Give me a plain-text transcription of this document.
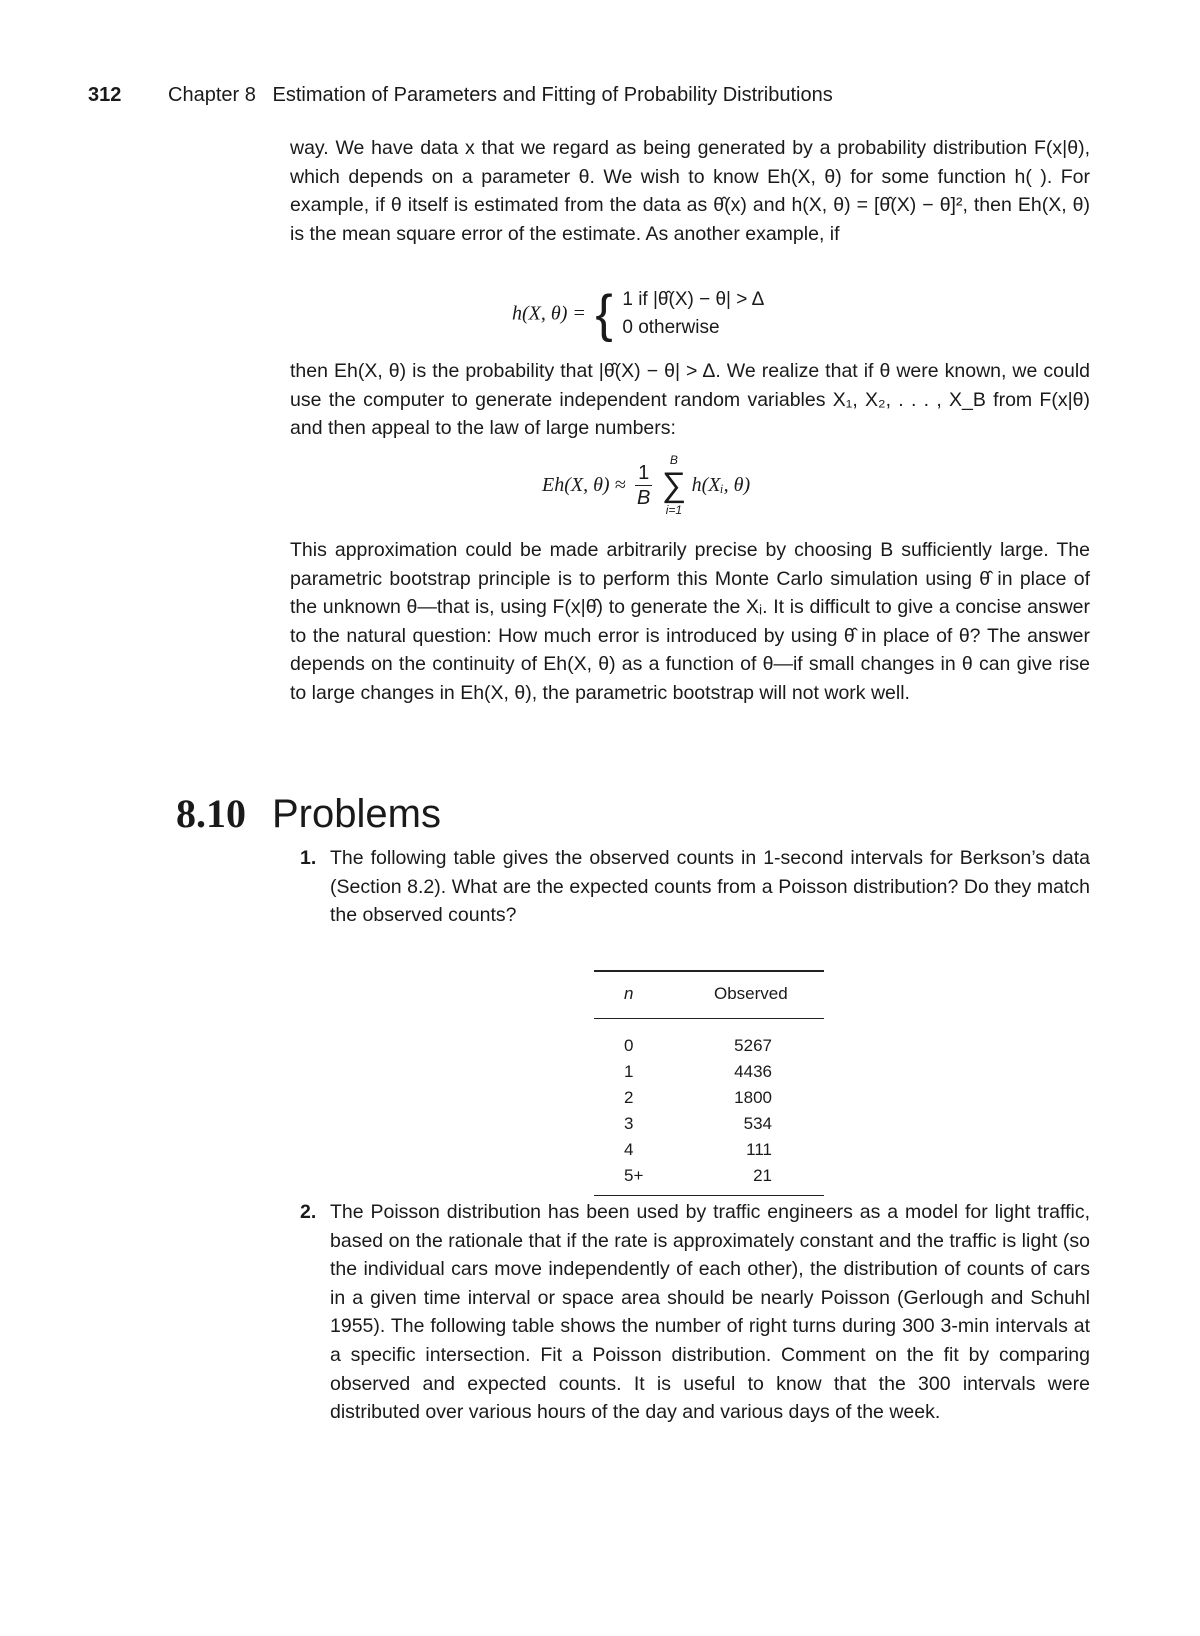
312 Chapter 8   Estimation of Parameters and Fitting of Probability Distributions

way. We have data x that we regard as being generated by a probability distribution F(x|θ), which depends on a parameter θ. We wish to know Eh(X, θ) for some function h( ). For example, if θ itself is estimated from the data as θ̂(x) and h(X, θ) = [θ̂(X) − θ]², then Eh(X, θ) is the mean square error of the estimate. As another example, if

h(X, θ) = { 1 if |θ̂(X) − θ| > Δ
0 otherwise

then Eh(X, θ) is the probability that |θ̂(X) − θ| > Δ. We realize that if θ were known, we could use the computer to generate independent random variables X₁, X₂, . . . , X_B from F(x|θ) and then appeal to the law of large numbers:

Eh(X, $\theta) \approx \frac{1}{B}$

B
∑
i=1
h(Xᵢ, θ)

This approximation could be made arbitrarily precise by choosing B sufficiently large. The parametric bootstrap principle is to perform this Monte Carlo simulation using θ̂ in place of the unknown θ—that is, using F(x|θ̂) to generate the Xᵢ. It is difficult to give a concise answer to the natural question: How much error is introduced by using θ̂ in place of θ? The answer depends on the continuity of Eh(X, θ) as a function of θ—if small changes in θ can give rise to large changes in Eh(X, θ), the parametric bootstrap will not work well.

8.10 Problems
1. The following table gives the observed counts in 1-second intervals for Berkson’s data (Section 8.2). What are the expected counts from a Poisson distribution? Do they match the observed counts?
n	Observed
0	5267
1	4436
2	1800
3	534
4	111
5+	21
2. The Poisson distribution has been used by traffic engineers as a model for light traffic, based on the rationale that if the rate is approximately constant and the traffic is light (so the individual cars move independently of each other), the distribution of counts of cars in a given time interval or space area should be nearly Poisson (Gerlough and Schuhl 1955). The following table shows the number of right turns during 300 3-min intervals at a specific intersection. Fit a Poisson distribution. Comment on the fit by comparing observed and expected counts. It is useful to know that the 300 intervals were distributed over various hours of the day and various days of the week.
